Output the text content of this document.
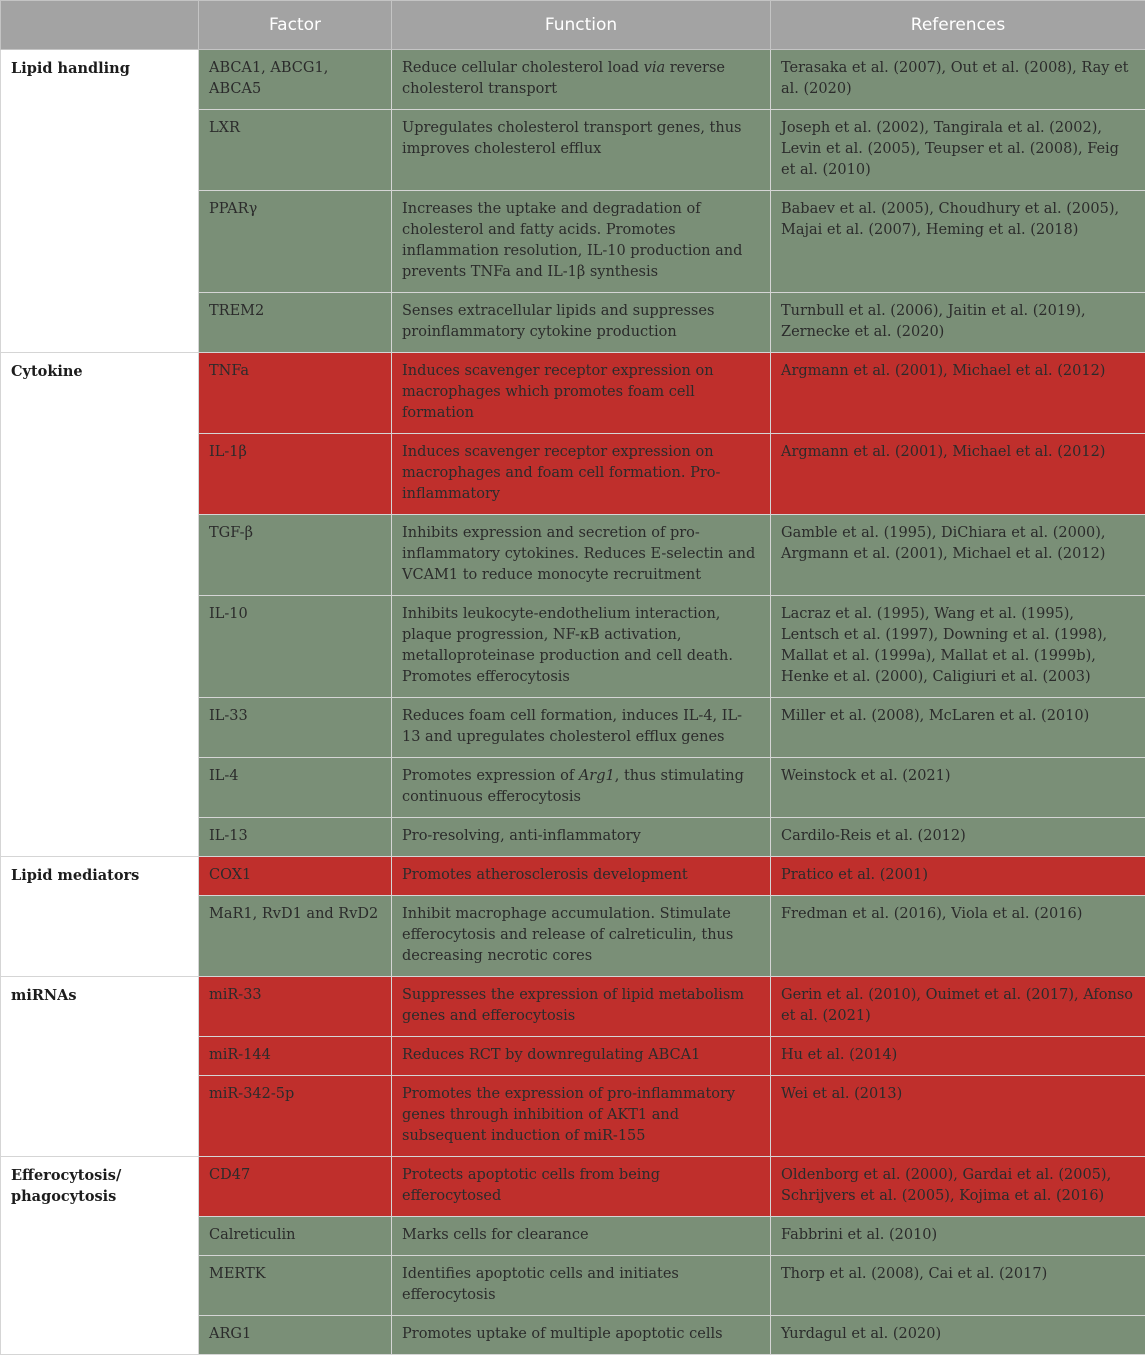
	Factor	Function	References
Lipid handling	ABCA1, ABCG1, ABCA5	Reduce cellular cholesterol load via reverse cholesterol transport	Terasaka et al. (2007), Out et al. (2008), Ray et al. (2020)
	LXR	Upregulates cholesterol transport genes, thus improves cholesterol efflux	Joseph et al. (2002), Tangirala et al. (2002), Levin et al. (2005), Teupser et al. (2008), Feig et al. (2010)
	PPARγ	Increases the uptake and degradation of cholesterol and fatty acids. Promotes inflammation resolution, IL-10 production and prevents TNFa and IL-1β synthesis	Babaev et al. (2005), Choudhury et al. (2005), Majai et al. (2007), Heming et al. (2018)
	TREM2	Senses extracellular lipids and suppresses proinflammatory cytokine production	Turnbull et al. (2006), Jaitin et al. (2019), Zernecke et al. (2020)
Cytokine	TNFa	Induces scavenger receptor expression on macrophages which promotes foam cell formation	Argmann et al. (2001), Michael et al. (2012)
	IL-1β	Induces scavenger receptor expression on macrophages and foam cell formation. Pro-inflammatory	Argmann et al. (2001), Michael et al. (2012)
	TGF-β	Inhibits expression and secretion of pro-inflammatory cytokines. Reduces E-selectin and VCAM1 to reduce monocyte recruitment	Gamble et al. (1995), DiChiara et al. (2000), Argmann et al. (2001), Michael et al. (2012)
	IL-10	Inhibits leukocyte-endothelium interaction, plaque progression, NF-κB activation, metalloproteinase production and cell death. Promotes efferocytosis	Lacraz et al. (1995), Wang et al. (1995), Lentsch et al. (1997), Downing et al. (1998), Mallat et al. (1999a), Mallat et al. (1999b), Henke et al. (2000), Caligiuri et al. (2003)
	IL-33	Reduces foam cell formation, induces IL-4, IL-13 and upregulates cholesterol efflux genes	Miller et al. (2008), McLaren et al. (2010)
	IL-4	Promotes expression of Arg1, thus stimulating continuous efferocytosis	Weinstock et al. (2021)
	IL-13	Pro-resolving, anti-inflammatory	Cardilo-Reis et al. (2012)
Lipid mediators	COX1	Promotes atherosclerosis development	Pratico et al. (2001)
	MaR1, RvD1 and RvD2	Inhibit macrophage accumulation. Stimulate efferocytosis and release of calreticulin, thus decreasing necrotic cores	Fredman et al. (2016), Viola et al. (2016)
miRNAs	miR-33	Suppresses the expression of lipid metabolism genes and efferocytosis	Gerin et al. (2010), Ouimet et al. (2017), Afonso et al. (2021)
	miR-144	Reduces RCT by downregulating ABCA1	Hu et al. (2014)
	miR-342-5p	Promotes the expression of pro-inflammatory genes through inhibition of AKT1 and subsequent induction of miR-155	Wei et al. (2013)
Efferocytosis/ phagocytosis	CD47	Protects apoptotic cells from being efferocytosed	Oldenborg et al. (2000), Gardai et al. (2005), Schrijvers et al. (2005), Kojima et al. (2016)
	Calreticulin	Marks cells for clearance	Fabbrini et al. (2010)
	MERTK	Identifies apoptotic cells and initiates efferocytosis	Thorp et al. (2008), Cai et al. (2017)
	ARG1	Promotes uptake of multiple apoptotic cells	Yurdagul et al. (2020)
